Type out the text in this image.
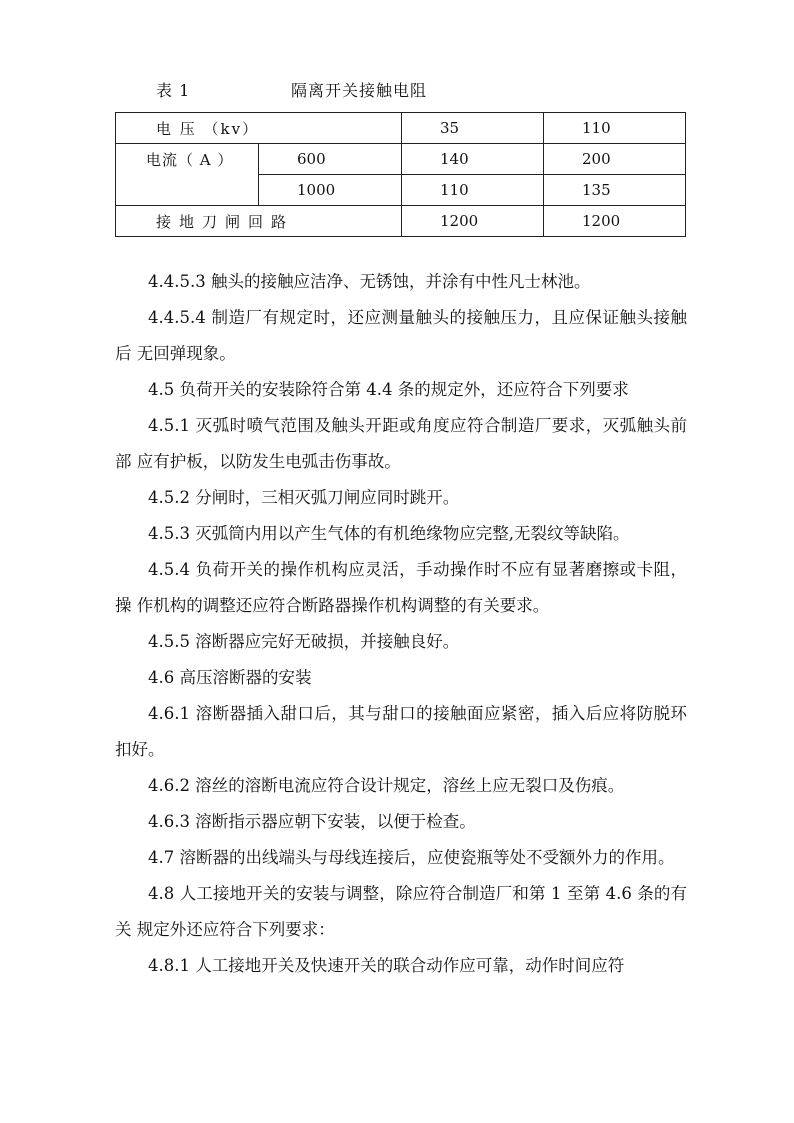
表 1	隔离开关接触电阻
电 压 （kv）		35	110
电流（ A ）	600	140	200
	1000	110	135
接地刀闸回路		1200	1200

4.4.5.3 触头的接触应洁净、无锈蚀，并涂有中性凡士林池。

4.4.5.4 制造厂有规定时，还应测量触头的接触压力，且应保证触头接触后 无回弹现象。

4.5 负荷开关的安装除符合第 4.4 条的规定外，还应符合下列要求

4.5.1 灭弧时喷气范围及触头开距或角度应符合制造厂要求，灭弧触头前部 应有护板，以防发生电弧击伤事故。

4.5.2 分闸时，三相灭弧刀闸应同时跳开。

4.5.3 灭弧筒内用以产生气体的有机绝缘物应完整,无裂纹等缺陷。

4.5.4 负荷开关的操作机构应灵活，手动操作时不应有显著磨擦或卡阻，操 作机构的调整还应符合断路器操作机构调整的有关要求。

4.5.5 溶断器应完好无破损，并接触良好。

4.6 高压溶断器的安装

4.6.1 溶断器插入甜口后，其与甜口的接触面应紧密，插入后应将防脱环扣好。

4.6.2 溶丝的溶断电流应符合设计规定，溶丝上应无裂口及伤痕。

4.6.3 溶断指示器应朝下安装，以便于检查。

4.7 溶断器的出线端头与母线连接后，应使瓷瓶等处不受额外力的作用。

4.8 人工接地开关的安装与调整，除应符合制造厂和第 1 至第 4.6 条的有关 规定外还应符合下列要求：

4.8.1 人工接地开关及快速开关的联合动作应可靠，动作时间应符
